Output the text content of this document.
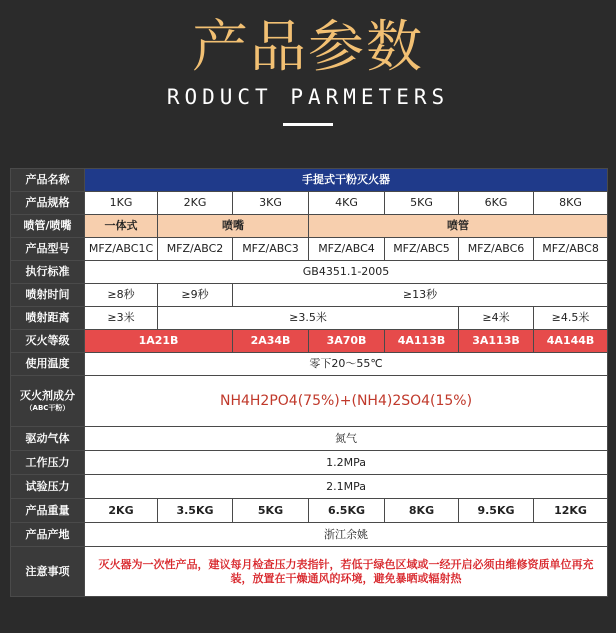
产品参数
RODUCT PARMETERS
产品名称	手提式干粉灭火器						
产品规格	1KG	2KG	3KG	4KG	5KG	6KG	8KG
喷管/喷嘴	一体式	喷嘴		喷管			
产品型号	MFZ/ABC1C	MFZ/ABC2	MFZ/ABC3	MFZ/ABC4	MFZ/ABC5	MFZ/ABC6	MFZ/ABC8
执行标准	GB4351.1-2005						
喷射时间	≥8秒	≥9秒	≥13秒				
喷射距离	≥3米	≥3.5米				≥4米	≥4.5米
灭火等级	1A21B		2A34B	3A70B	4A113B	3A113B	4A144B
使用温度	零下20～55℃						
灭火剂成分
（ABC干粉）	NH4H2PO4(75%)+(NH4)2SO4(15%)						
驱动气体	氮气						
工作压力	1.2MPa						
试验压力	2.1MPa						
产品重量	2KG	3.5KG	5KG	6.5KG	8KG	9.5KG	12KG
产品产地	浙江余姚						
注意事项	灭火器为一次性产品，建议每月检查压力表指针，若低于绿色区域或一经开启必须由维修资质单位再充装，放置在干燥通风的环境，避免暴晒或辐射热						
